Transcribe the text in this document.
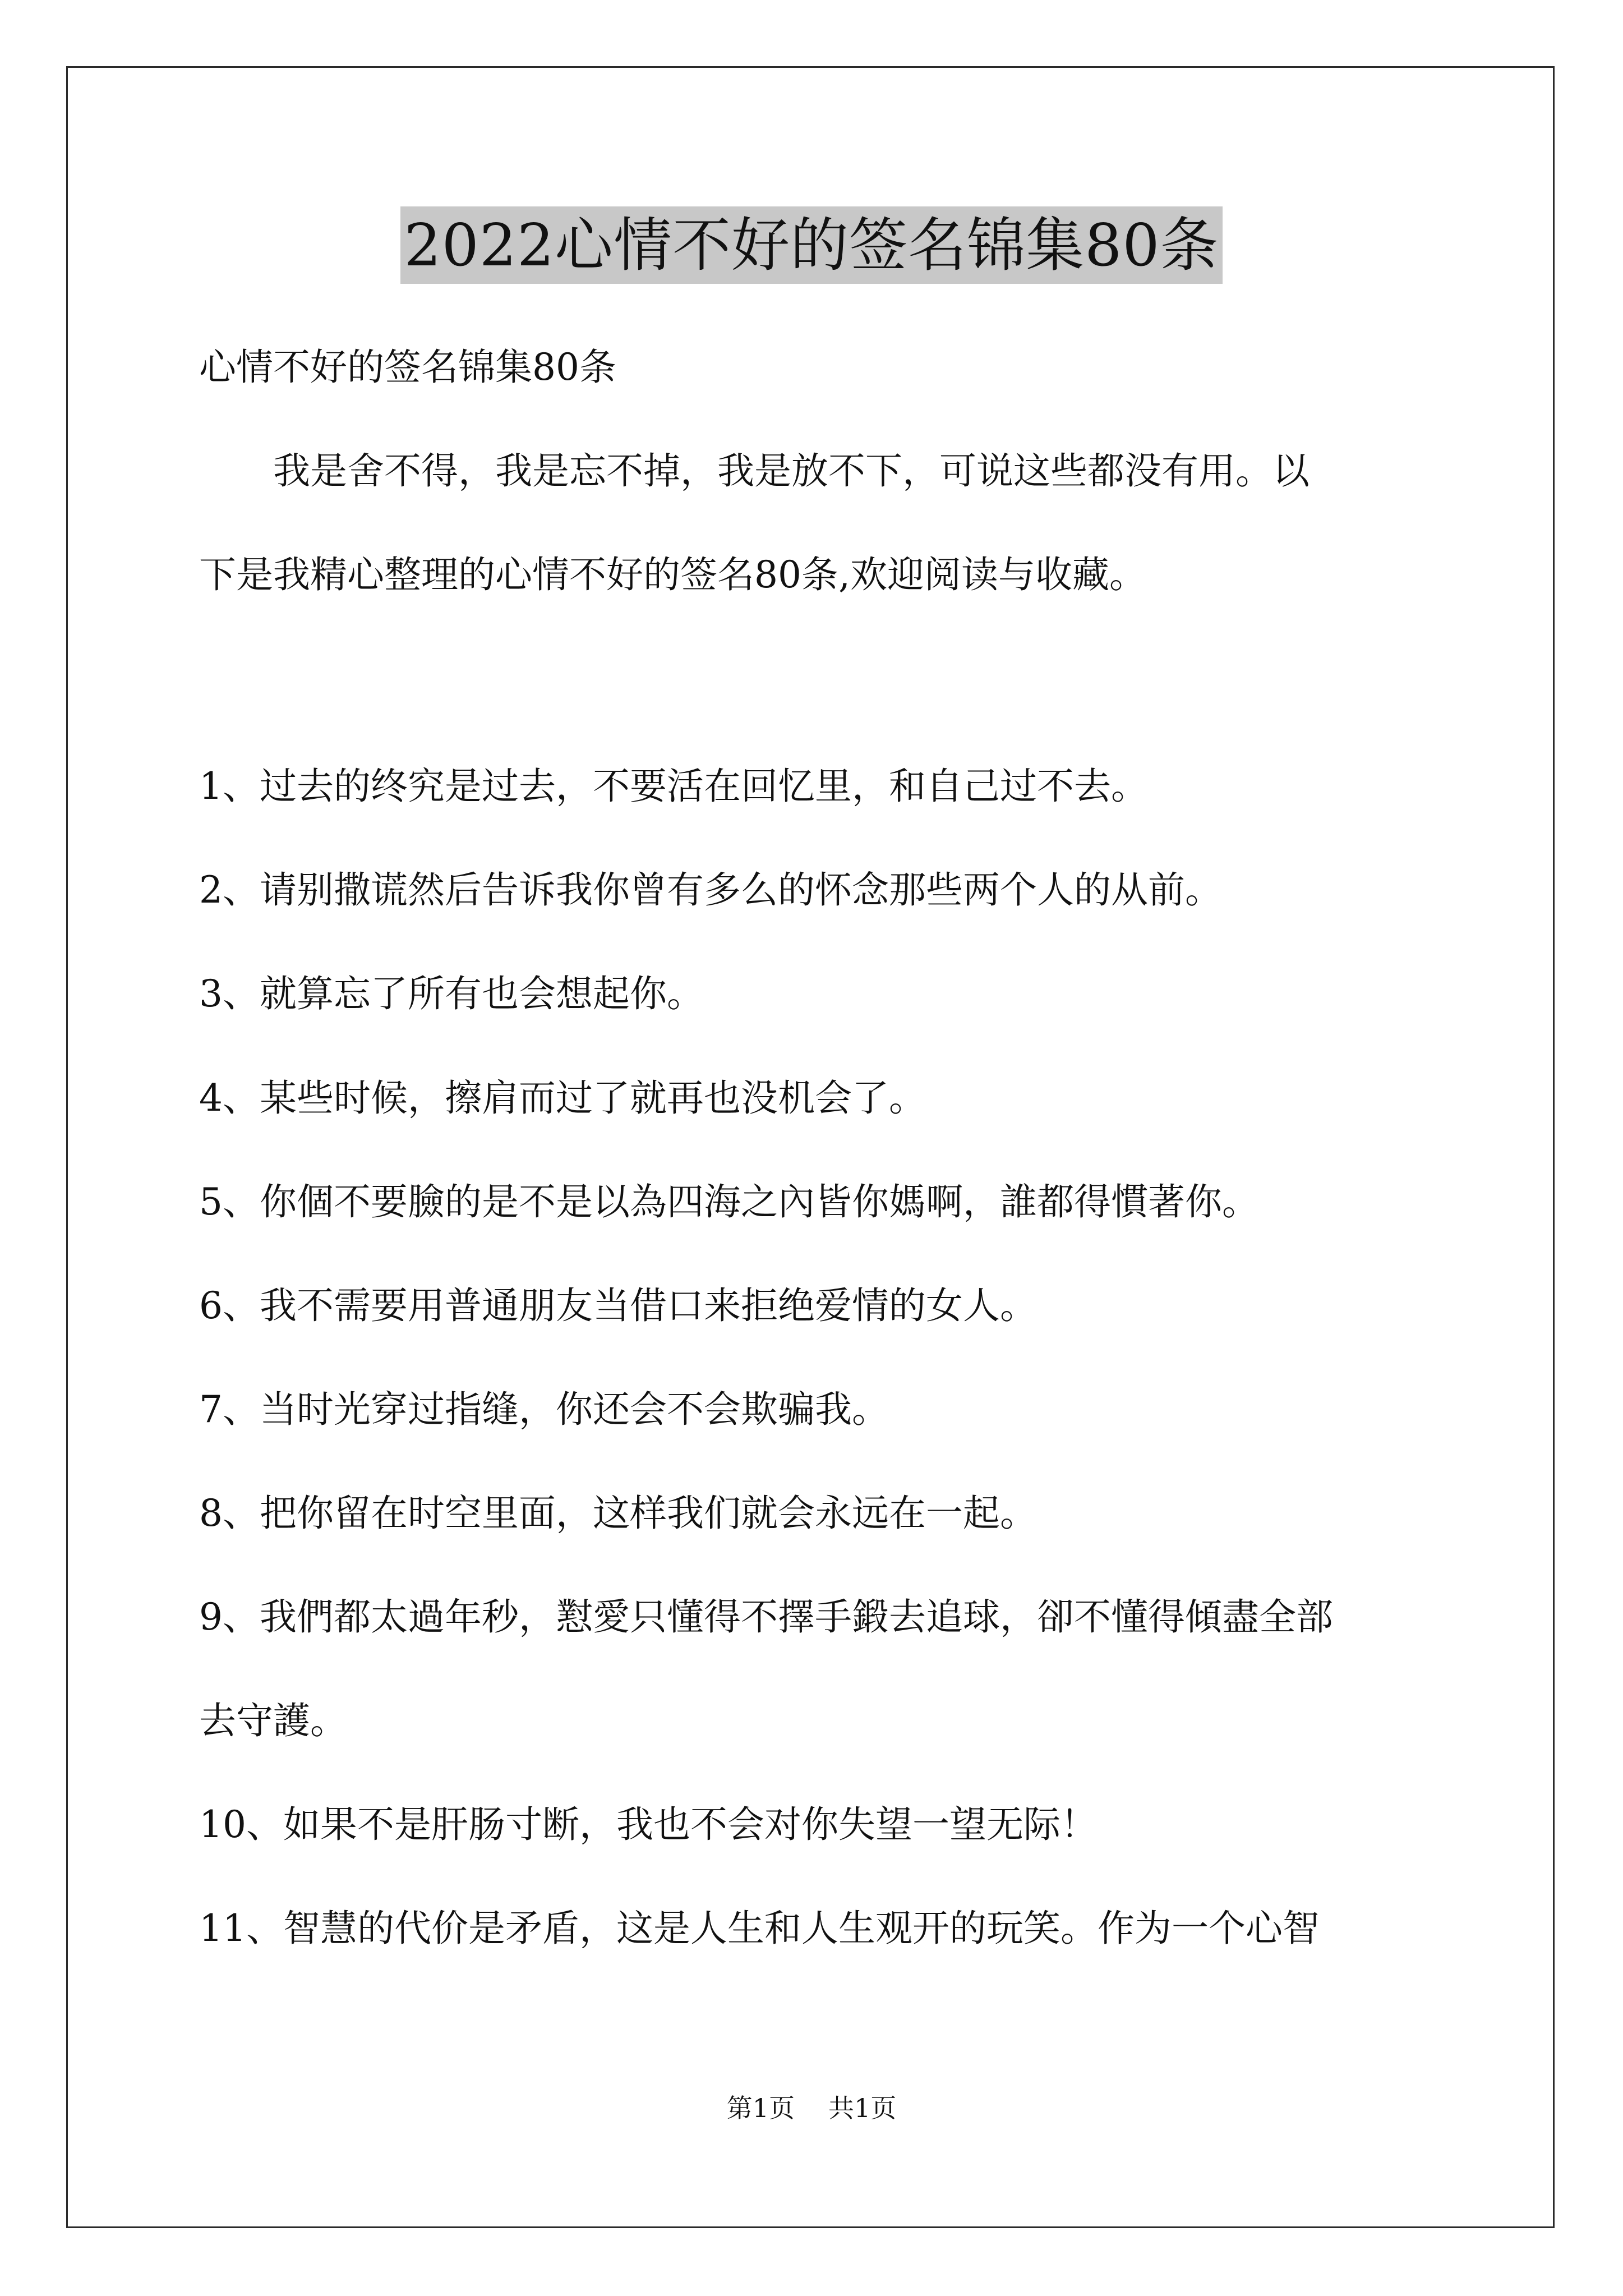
2022心情不好的签名锦集80条
心情不好的签名锦集80条
我是舍不得，我是忘不掉，我是放不下，可说这些都没有用。以
下是我精心整理的心情不好的签名80条,欢迎阅读与收藏。
1、过去的终究是过去，不要活在回忆里，和自己过不去。
2、请别撒谎然后告诉我你曾有多么的怀念那些两个人的从前。
3、就算忘了所有也会想起你。
4、某些时候，擦肩而过了就再也没机会了。
5、你個不要臉的是不是以為四海之內皆你媽啊，誰都得慣著你。
6、我不需要用普通朋友当借口来拒绝爱情的女人。
7、当时光穿过指缝，你还会不会欺骗我。
8、把你留在时空里面，这样我们就会永远在一起。
9、我們都太過年秒，懟愛只懂得不擇手鍛去追球，卻不懂得傾盡全部
去守護。
10、如果不是肝肠寸断，我也不会对你失望一望无际！
11、智慧的代价是矛盾，这是人生和人生观开的玩笑。作为一个心智
第1页 共1页
